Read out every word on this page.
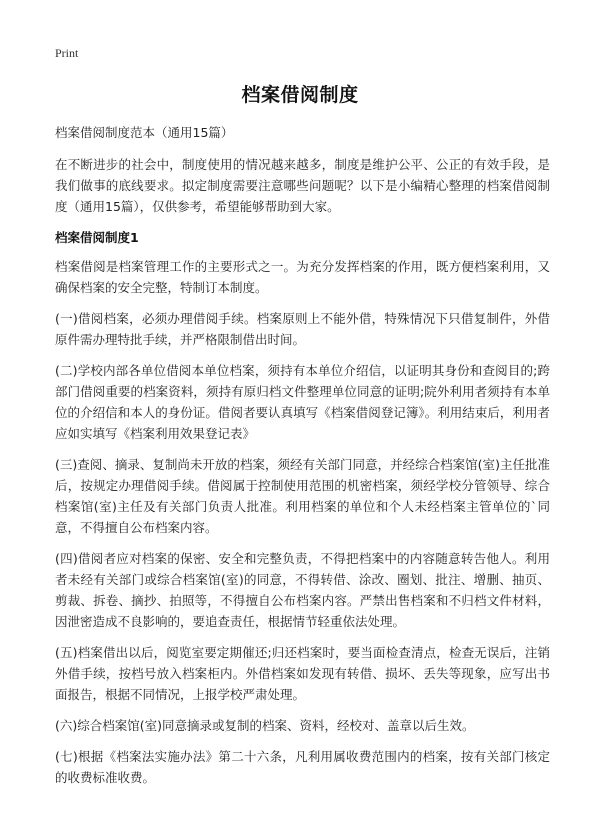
Print
档案借阅制度

档案借阅制度范本（通用15篇）

在不断进步的社会中，制度使用的情况越来越多，制度是维护公平、公正的有效手段，是我们做事的底线要求。拟定制度需要注意哪些问题呢？以下是小编精心整理的档案借阅制度（通用15篇），仅供参考，希望能够帮助到大家。

档案借阅制度1

档案借阅是档案管理工作的主要形式之一。为充分发挥档案的作用，既方便档案利用，又确保档案的安全完整，特制订本制度。

(一)借阅档案，必须办理借阅手续。档案原则上不能外借，特殊情况下只借复制件，外借原件需办理特批手续，并严格限制借出时间。

(二)学校内部各单位借阅本单位档案，须持有本单位介绍信，以证明其身份和查阅目的;跨部门借阅重要的档案资料，须持有原归档文件整理单位同意的证明;院外利用者须持有本单位的介绍信和本人的身份证。借阅者要认真填写《档案借阅登记簿》。利用结束后，利用者应如实填写《档案利用效果登记表》

(三)查阅、摘录、复制尚未开放的档案，须经有关部门同意，并经综合档案馆(室)主任批准后，按规定办理借阅手续。借阅属于控制使用范围的机密档案，须经学校分管领导、综合档案馆(室)主任及有关部门负责人批准。利用档案的单位和个人未经档案主管单位的`同意，不得擅自公布档案内容。

(四)借阅者应对档案的保密、安全和完整负责，不得把档案中的内容随意转告他人。利用者未经有关部门或综合档案馆(室)的同意，不得转借、涂改、圈划、批注、增删、抽页、剪裁、拆卷、摘抄、拍照等，不得擅自公布档案内容。严禁出售档案和不归档文件材料，因泄密造成不良影响的，要追查责任，根据情节轻重依法处理。

(五)档案借出以后，阅览室要定期催还;归还档案时，要当面检查清点，检查无误后，注销外借手续，按档号放入档案柜内。外借档案如发现有转借、损坏、丢失等现象，应写出书面报告，根据不同情况，上报学校严肃处理。

(六)综合档案馆(室)同意摘录或复制的档案、资料，经校对、盖章以后生效。

(七)根据《档案法实施办法》第二十六条，凡利用属收费范围内的档案，按有关部门核定的收费标准收费。
